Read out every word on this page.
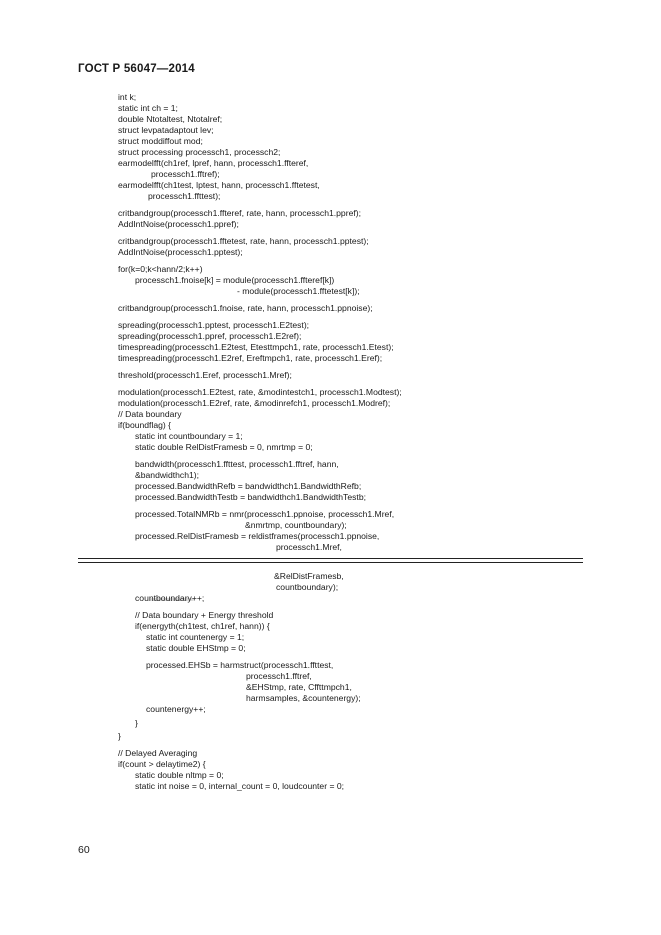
ГОСТ Р 56047—2014
int k;
static int ch = 1;
double Ntotaltest, Ntotalref;
struct levpatadaptout lev;
struct moddiffout mod;
struct processing processch1, processch2;
earmodelfft(ch1ref, lpref, hann, processch1.ffteref,
processch1.fftref);
earmodelfft(ch1test, lptest, hann, processch1.fftetest,
processch1.ffttest);
critbandgroup(processch1.ffteref, rate, hann, processch1.ppref);
AddIntNoise(processch1.ppref);
critbandgroup(processch1.fftetest, rate, hann, processch1.pptest);
AddIntNoise(processch1.pptest);
for(k=0;k<hann/2;k++)
processch1.fnoise[k] = module(processch1.ffteref[k])
- module(processch1.fftetest[k]);
critbandgroup(processch1.fnoise, rate, hann, processch1.ppnoise);
spreading(processch1.pptest, processch1.E2test);
spreading(processch1.ppref, processch1.E2ref);
timespreading(processch1.E2test, Etesttmpch1, rate, processch1.Etest);
timespreading(processch1.E2ref, Ereftmpch1, rate, processch1.Eref);
threshold(processch1.Eref, processch1.Mref);
modulation(processch1.E2test, rate, &modintestch1, processch1.Modtest);
modulation(processch1.E2ref, rate, &modinrefch1, processch1.Modref);
// Data boundary
if(boundflag) {
static int countboundary = 1;
static double RelDistFramesb = 0, nmrtmp = 0;
bandwidth(processch1.ffttest, processch1.fftref, hann,
&bandwidthch1);
processed.BandwidthRefb = bandwidthch1.BandwidthRefb;
processed.BandwidthTestb = bandwidthch1.BandwidthTestb;
processed.TotalNMRb = nmr(processch1.ppnoise, processch1.Mref,
&nmrtmp, countboundary);
processed.RelDistFramesb = reldistframes(processch1.ppnoise,
processch1.Mref,
&RelDistFramesb,
countboundary);
countboundary++;
// Data boundary + Energy threshold
if(energyth(ch1test, ch1ref, hann)) {
static int countenergy = 1;
static double EHStmp = 0;
processed.EHSb = harmstruct(processch1.ffttest,
processch1.fftref,
&EHStmp, rate, Cffttmpch1,
harmsamples, &countenergy);
countenergy++;
}
}
// Delayed Averaging
if(count > delaytime2) {
static double nltmp = 0;
static int noise = 0, internal_count = 0, loudcounter = 0;
60
